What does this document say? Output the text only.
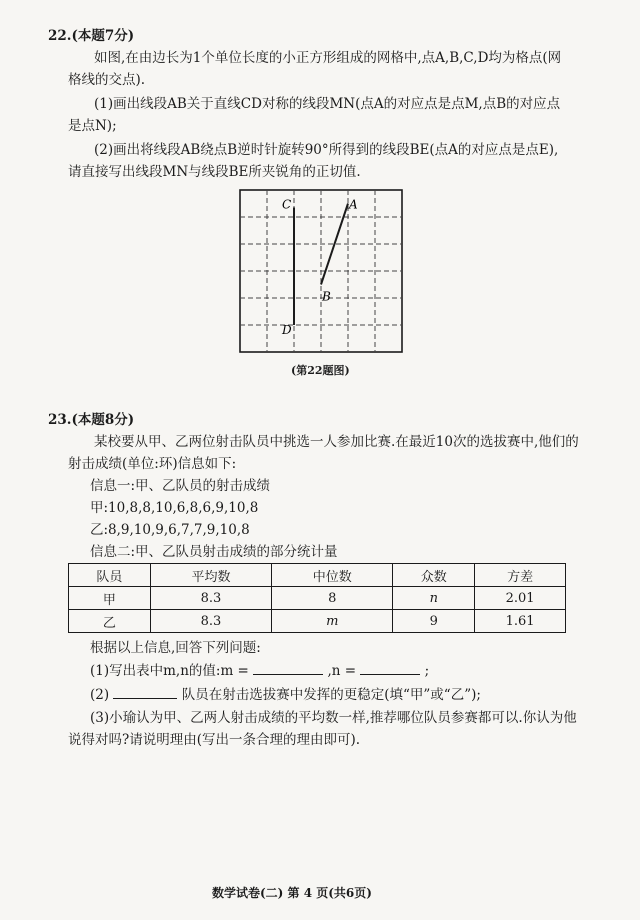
22.(本题7分)
如图,在由边长为1个单位长度的小正方形组成的网格中,点A,B,C,D均为格点(网
格线的交点).
(1)画出线段AB关于直线CD对称的线段MN(点A的对应点是点M,点B的对应点
是点N);
(2)画出将线段AB绕点B逆时针旋转90°所得到的线段BE(点A的对应点是点E),
请直接写出线段MN与线段BE所夹锐角的正切值.
A
B
C
D
(第22题图)
23.(本题8分)
某校要从甲、乙两位射击队员中挑选一人参加比赛.在最近10次的选拔赛中,他们的
射击成绩(单位:环)信息如下:
信息一:甲、乙队员的射击成绩
甲:10,8,8,10,6,8,6,9,10,8
乙:8,9,10,9,6,7,7,9,10,8
信息二:甲、乙队员射击成绩的部分统计量
队员	平均数	中位数	众数	方差
甲	8.3	8	n	2.01
乙	8.3	m	9	1.61
根据以上信息,回答下列问题:
(1)写出表中m,n的值:m =	,n =	;
(2)	队员在射击选拔赛中发挥的更稳定(填“甲”或“乙”);
(3)小瑜认为甲、乙两人射击成绩的平均数一样,推荐哪位队员参赛都可以.你认为他
说得对吗?请说明理由(写出一条合理的理由即可).
数学试卷(二) 第 4 页(共6页)
